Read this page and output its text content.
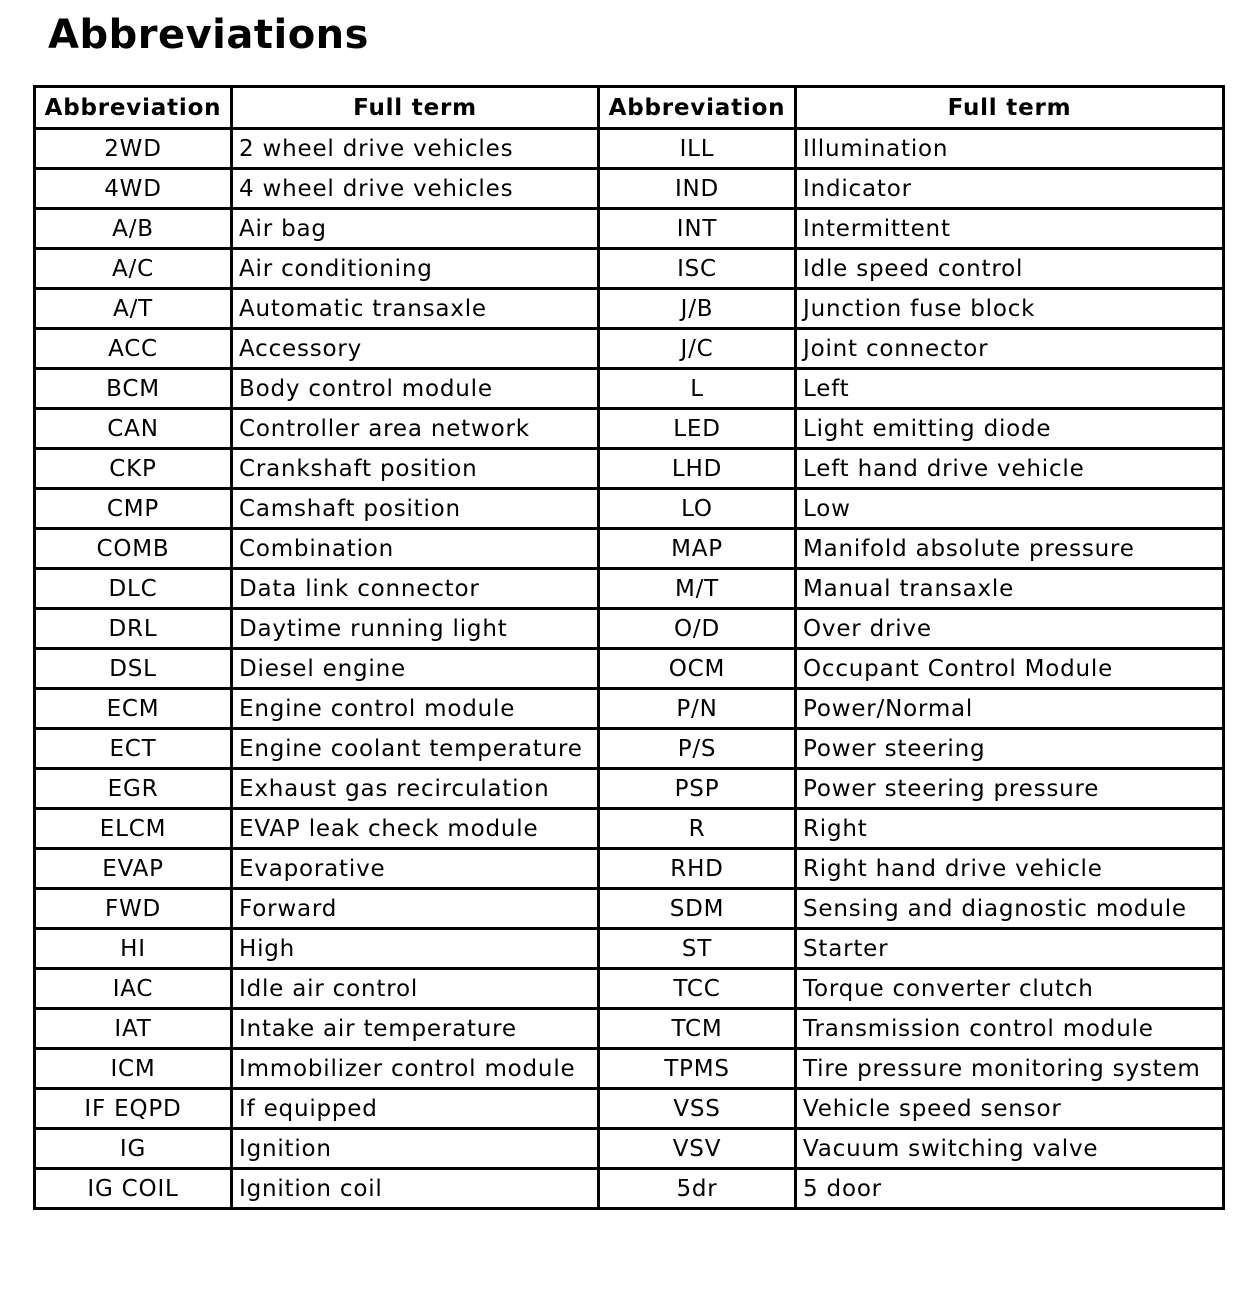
Abbreviations
Abbreviation	Full term	Abbreviation	Full term
2WD	2 wheel drive vehicles	ILL	Illumination
4WD	4 wheel drive vehicles	IND	Indicator
A/B	Air bag	INT	Intermittent
A/C	Air conditioning	ISC	Idle speed control
A/T	Automatic transaxle	J/B	Junction fuse block
ACC	Accessory	J/C	Joint connector
BCM	Body control module	L	Left
CAN	Controller area network	LED	Light emitting diode
CKP	Crankshaft position	LHD	Left hand drive vehicle
CMP	Camshaft position	LO	Low
COMB	Combination	MAP	Manifold absolute pressure
DLC	Data link connector	M/T	Manual transaxle
DRL	Daytime running light	O/D	Over drive
DSL	Diesel engine	OCM	Occupant Control Module
ECM	Engine control module	P/N	Power/Normal
ECT	Engine coolant temperature	P/S	Power steering
EGR	Exhaust gas recirculation	PSP	Power steering pressure
ELCM	EVAP leak check module	R	Right
EVAP	Evaporative	RHD	Right hand drive vehicle
FWD	Forward	SDM	Sensing and diagnostic module
HI	High	ST	Starter
IAC	Idle air control	TCC	Torque converter clutch
IAT	Intake air temperature	TCM	Transmission control module
ICM	Immobilizer control module	TPMS	Tire pressure monitoring system
IF EQPD	If equipped	VSS	Vehicle speed sensor
IG	Ignition	VSV	Vacuum switching valve
IG COIL	Ignition coil	5dr	5 door
